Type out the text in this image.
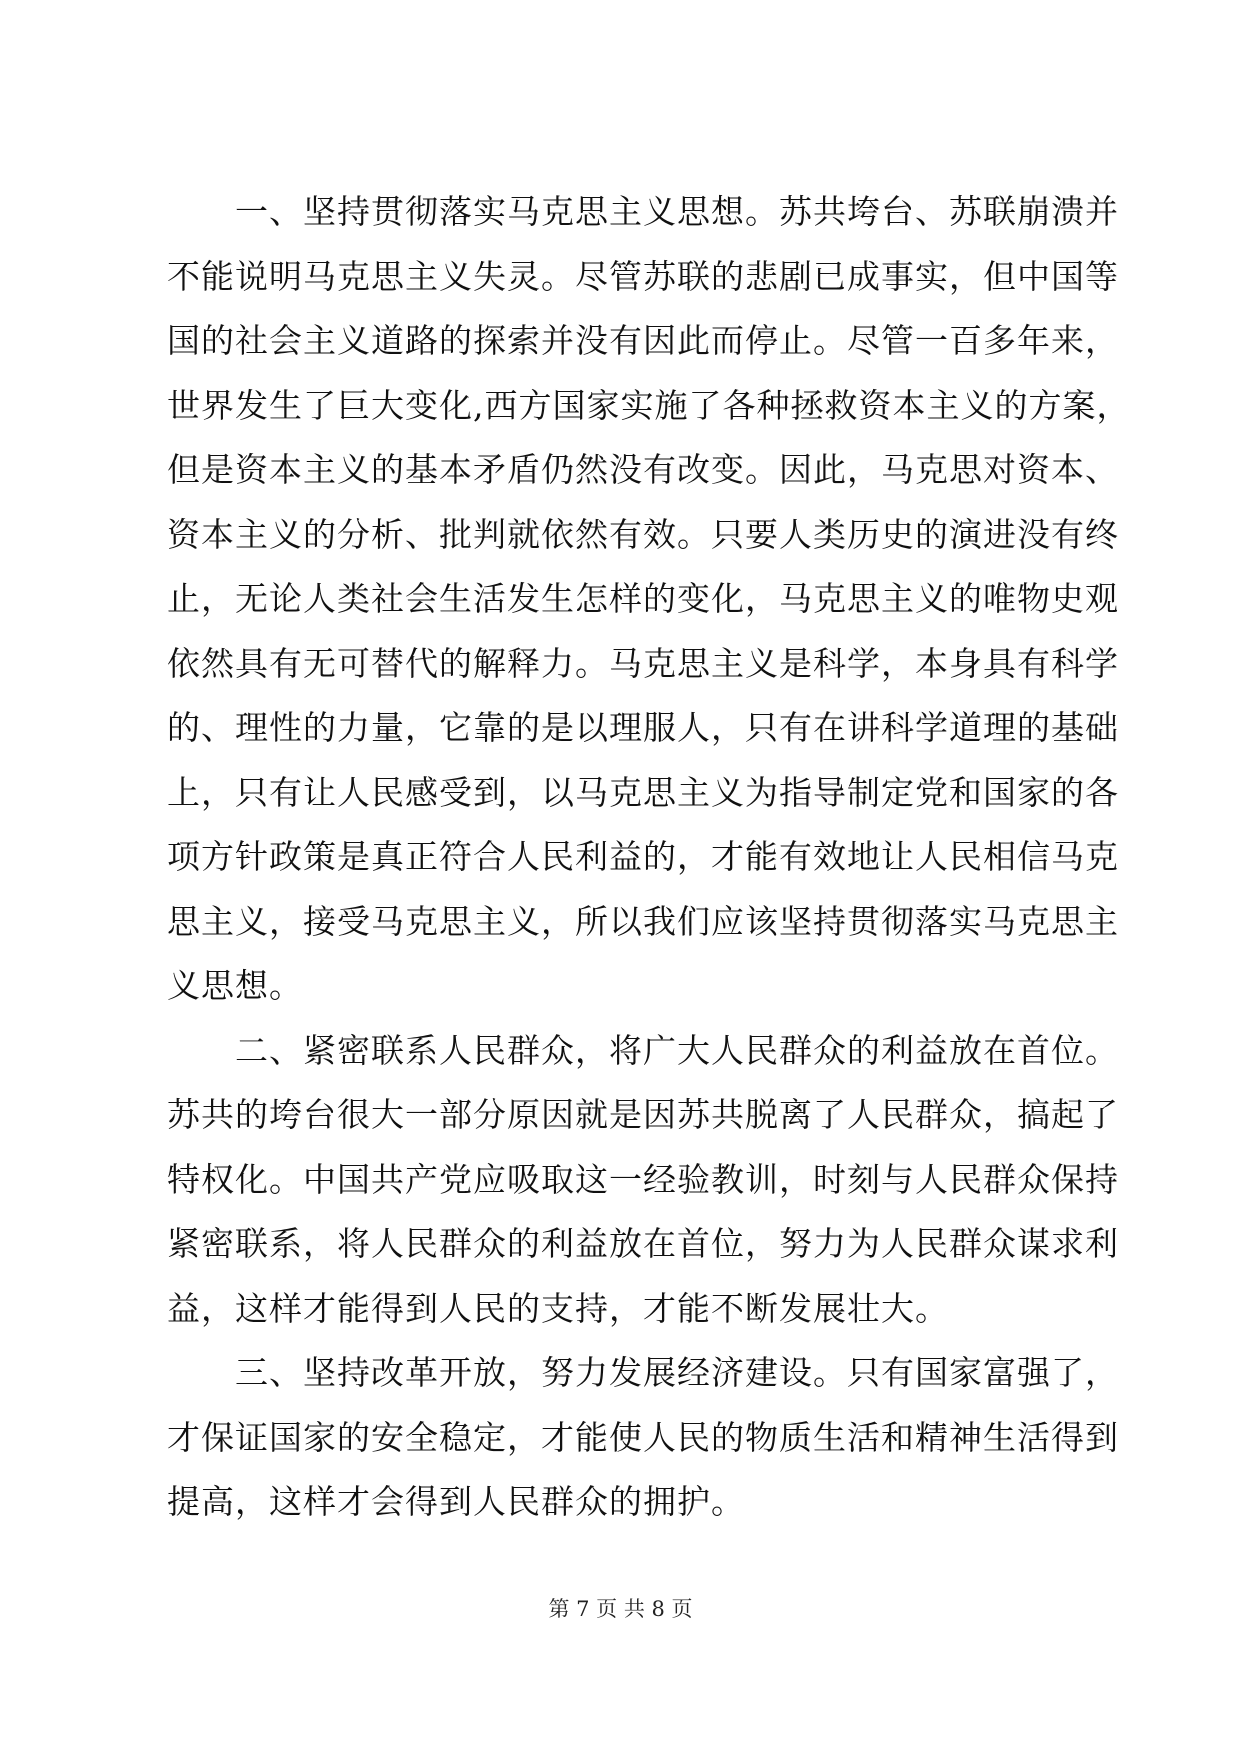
一、坚持贯彻落实马克思主义思想。苏共垮台、苏联崩溃并
不能说明马克思主义失灵。尽管苏联的悲剧已成事实，但中国等
国的社会主义道路的探索并没有因此而停止。尽管一百多年来，
世界发生了巨大变化,西方国家实施了各种拯救资本主义的方案，
但是资本主义的基本矛盾仍然没有改变。因此，马克思对资本、
资本主义的分析、批判就依然有效。只要人类历史的演进没有终
止，无论人类社会生活发生怎样的变化，马克思主义的唯物史观
依然具有无可替代的解释力。马克思主义是科学，本身具有科学
的、理性的力量，它靠的是以理服人，只有在讲科学道理的基础
上，只有让人民感受到，以马克思主义为指导制定党和国家的各
项方针政策是真正符合人民利益的，才能有效地让人民相信马克
思主义，接受马克思主义，所以我们应该坚持贯彻落实马克思主
义思想。
二、紧密联系人民群众，将广大人民群众的利益放在首位。
苏共的垮台很大一部分原因就是因苏共脱离了人民群众，搞起了
特权化。中国共产党应吸取这一经验教训，时刻与人民群众保持
紧密联系，将人民群众的利益放在首位，努力为人民群众谋求利
益，这样才能得到人民的支持，才能不断发展壮大。
三、坚持改革开放，努力发展经济建设。只有国家富强了，
才保证国家的安全稳定，才能使人民的物质生活和精神生活得到
提高，这样才会得到人民群众的拥护。
第 7 页 共 8 页
